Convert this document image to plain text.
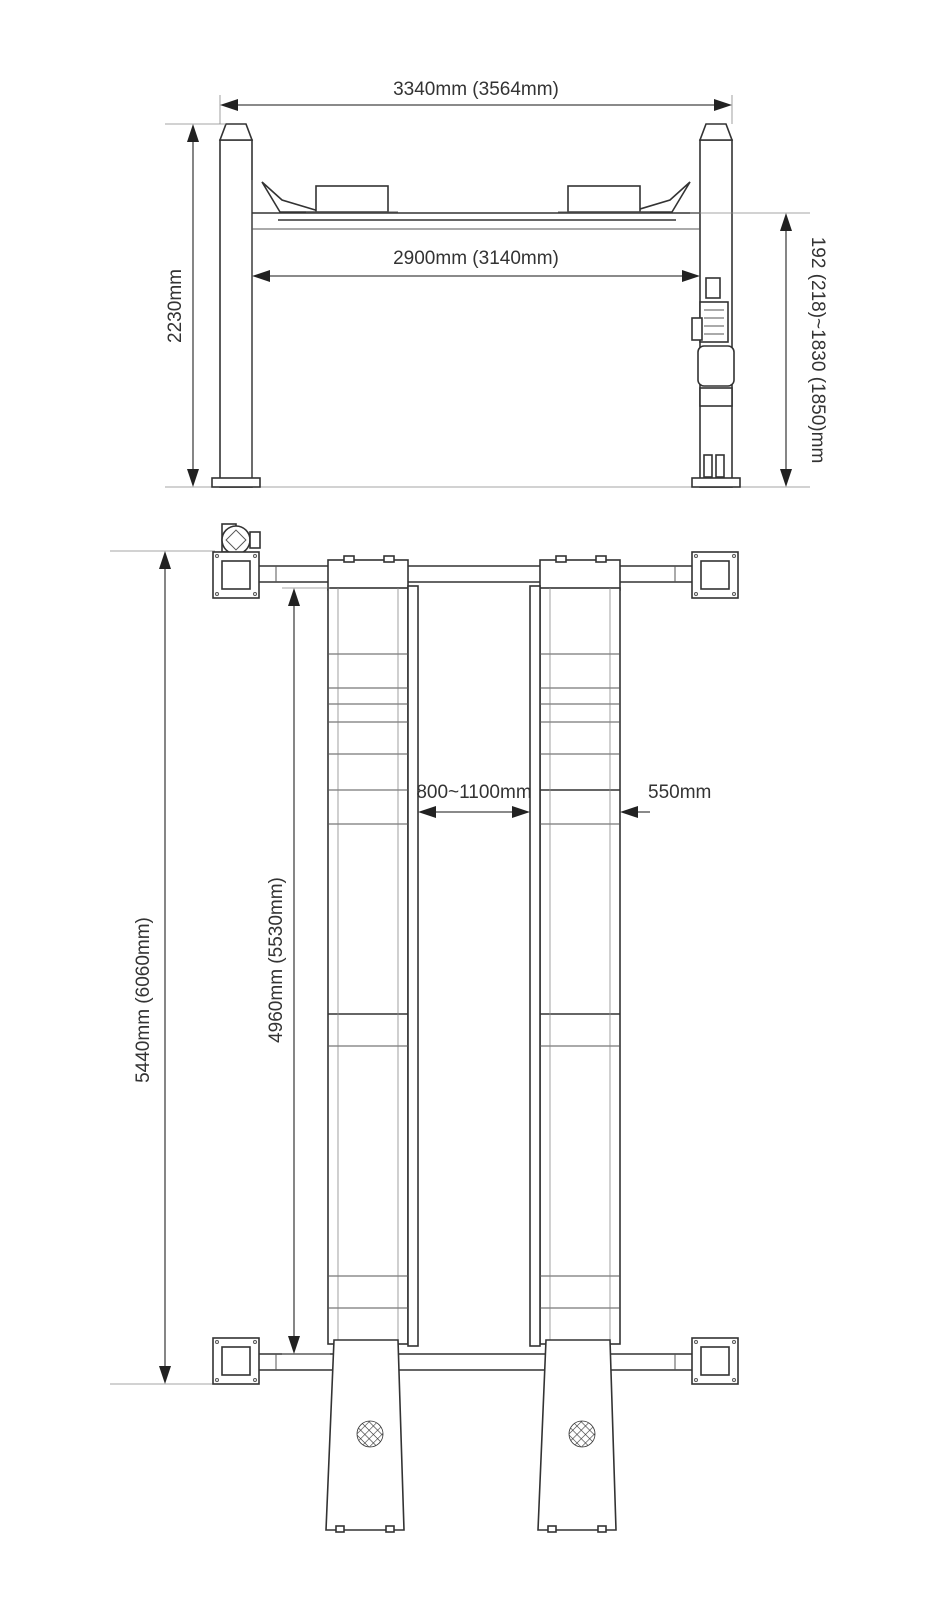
3340mm (3564mm)
2230mm
2900mm (3140mm)	192 (218)~1830 (1850)mm
5440mm (6060mm)	4960mm (5530mm)
800~1100mm	550mm
